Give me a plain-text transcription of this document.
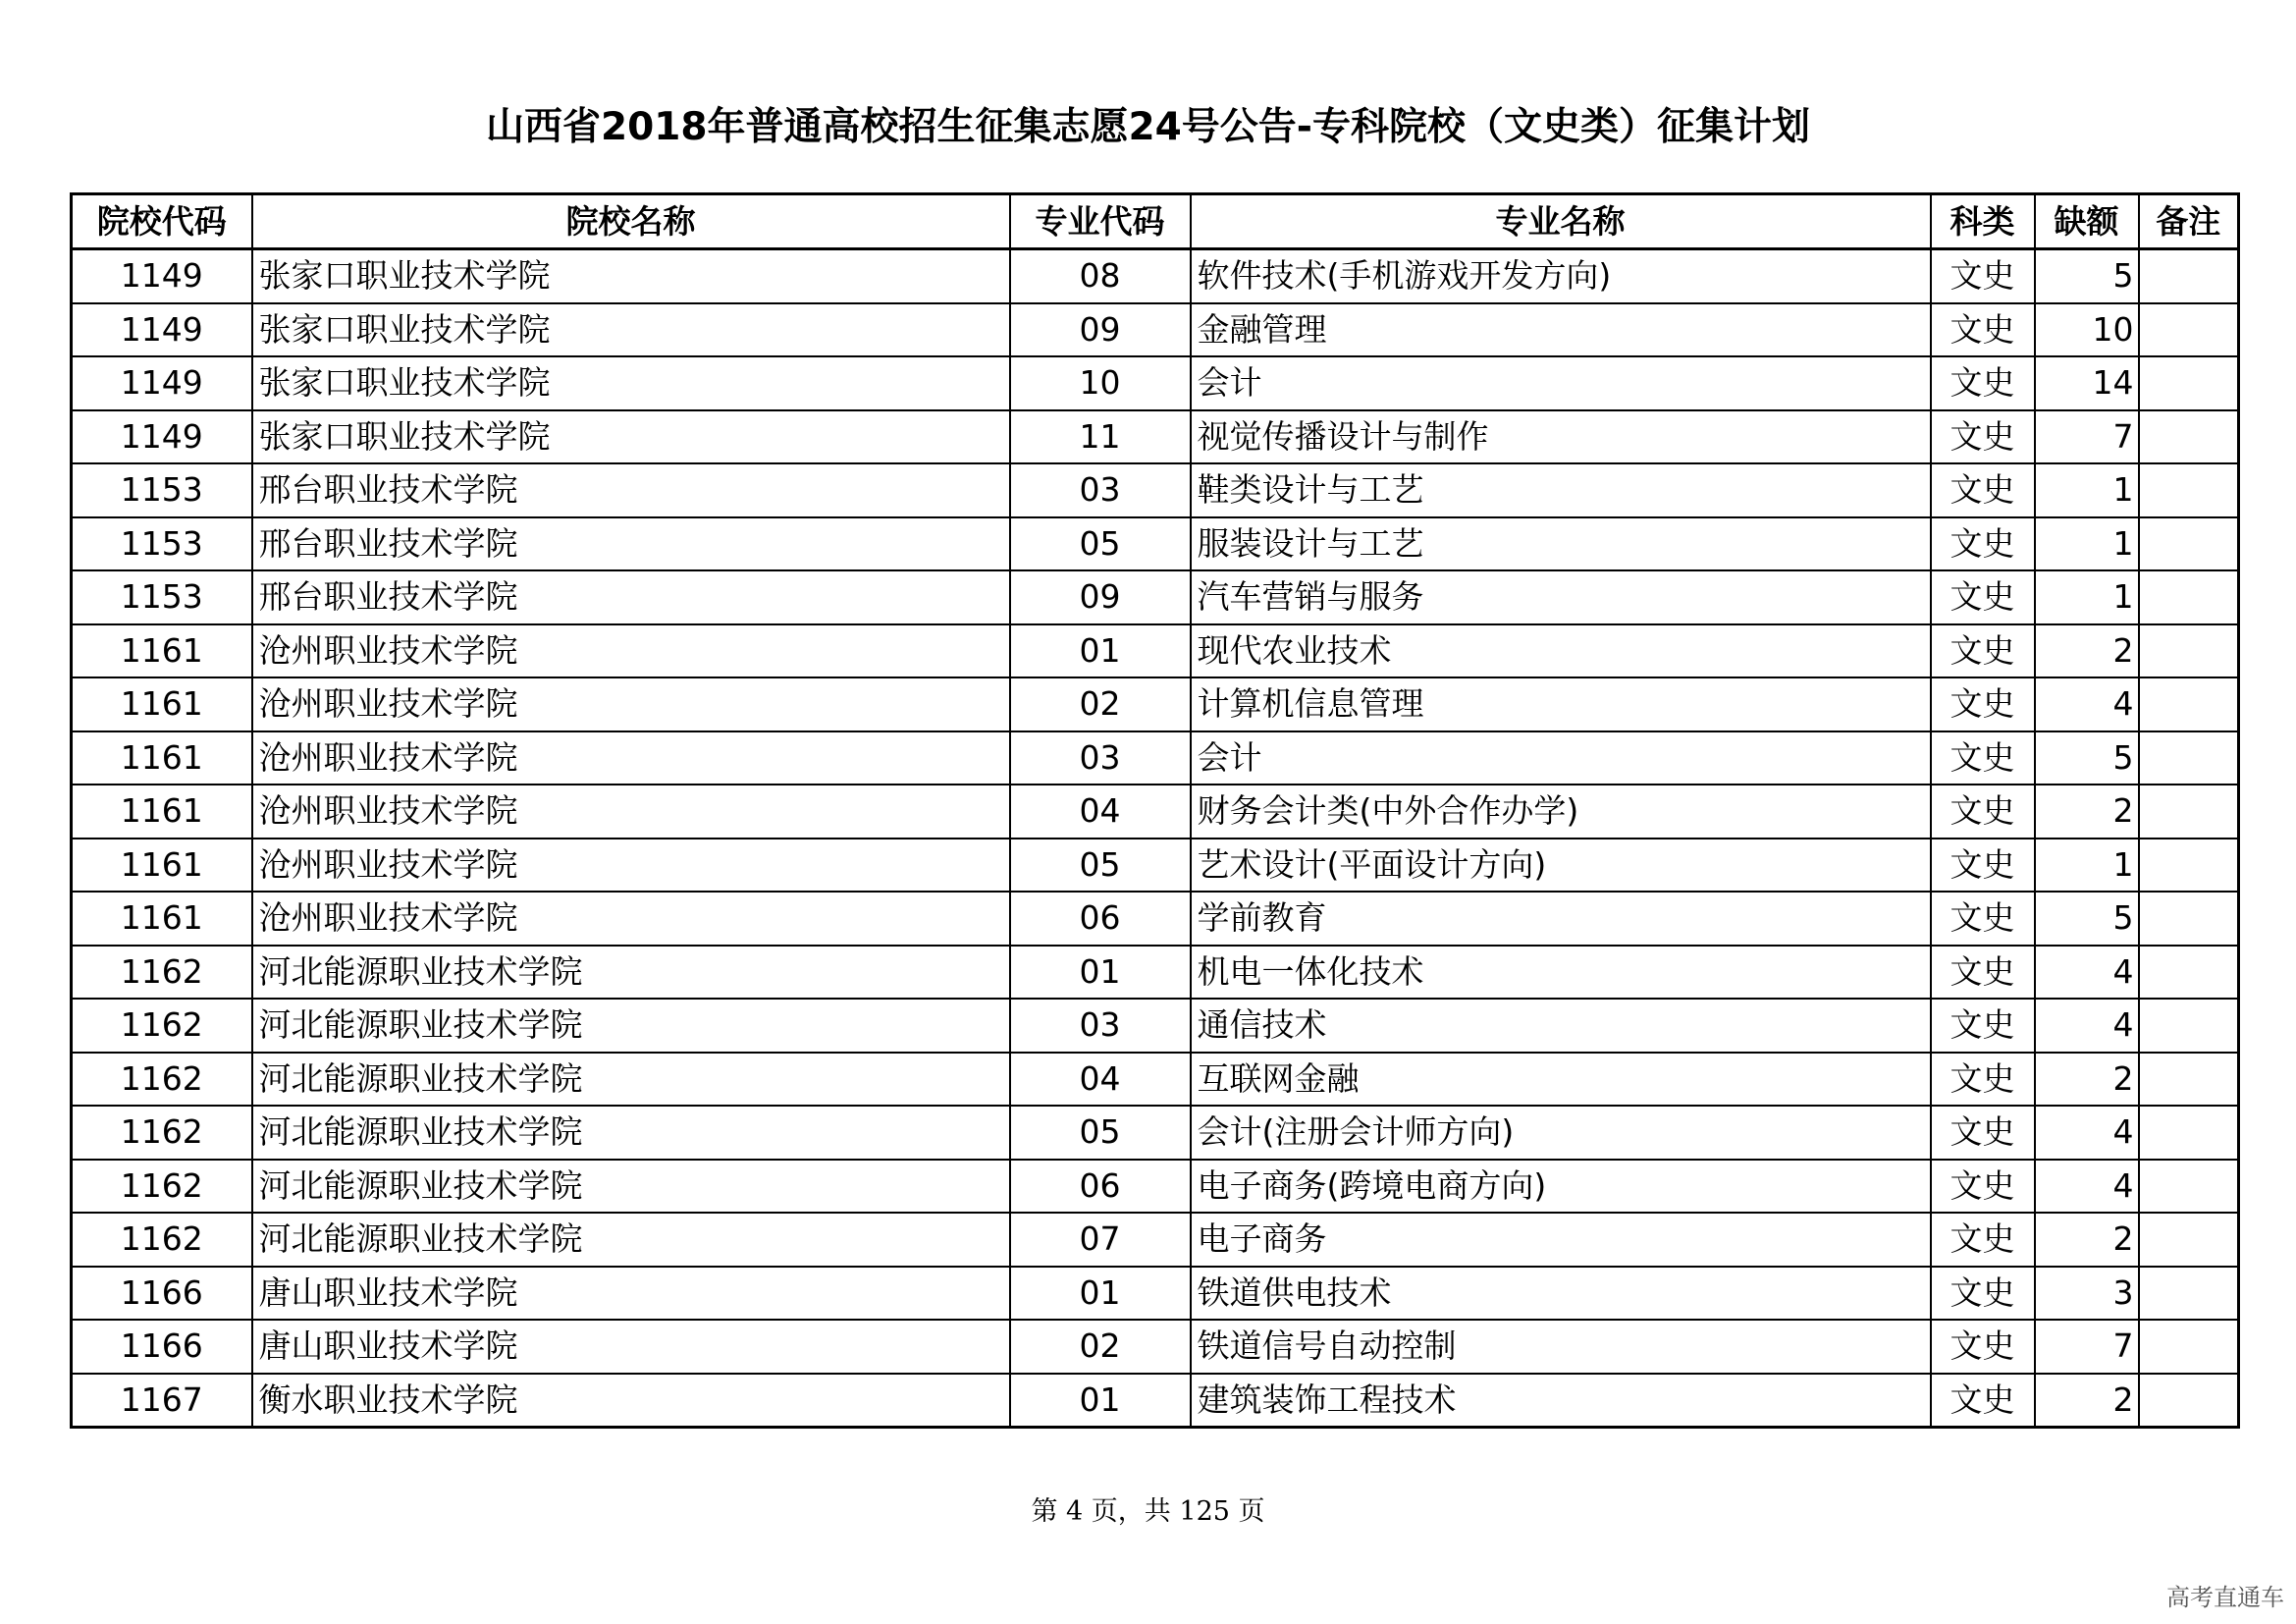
山西省2018年普通高校招生征集志愿24号公告-专科院校（文史类）征集计划
院校代码	院校名称	专业代码	专业名称	科类	缺额	备注
1149	张家口职业技术学院	08	软件技术(手机游戏开发方向)	文史	5	
1149	张家口职业技术学院	09	金融管理	文史	10	
1149	张家口职业技术学院	10	会计	文史	14	
1149	张家口职业技术学院	11	视觉传播设计与制作	文史	7	
1153	邢台职业技术学院	03	鞋类设计与工艺	文史	1	
1153	邢台职业技术学院	05	服装设计与工艺	文史	1	
1153	邢台职业技术学院	09	汽车营销与服务	文史	1	
1161	沧州职业技术学院	01	现代农业技术	文史	2	
1161	沧州职业技术学院	02	计算机信息管理	文史	4	
1161	沧州职业技术学院	03	会计	文史	5	
1161	沧州职业技术学院	04	财务会计类(中外合作办学)	文史	2	
1161	沧州职业技术学院	05	艺术设计(平面设计方向)	文史	1	
1161	沧州职业技术学院	06	学前教育	文史	5	
1162	河北能源职业技术学院	01	机电一体化技术	文史	4	
1162	河北能源职业技术学院	03	通信技术	文史	4	
1162	河北能源职业技术学院	04	互联网金融	文史	2	
1162	河北能源职业技术学院	05	会计(注册会计师方向)	文史	4	
1162	河北能源职业技术学院	06	电子商务(跨境电商方向)	文史	4	
1162	河北能源职业技术学院	07	电子商务	文史	2	
1166	唐山职业技术学院	01	铁道供电技术	文史	3	
1166	唐山职业技术学院	02	铁道信号自动控制	文史	7	
1167	衡水职业技术学院	01	建筑装饰工程技术	文史	2	
第 4 页，共 125 页
高考直通车
